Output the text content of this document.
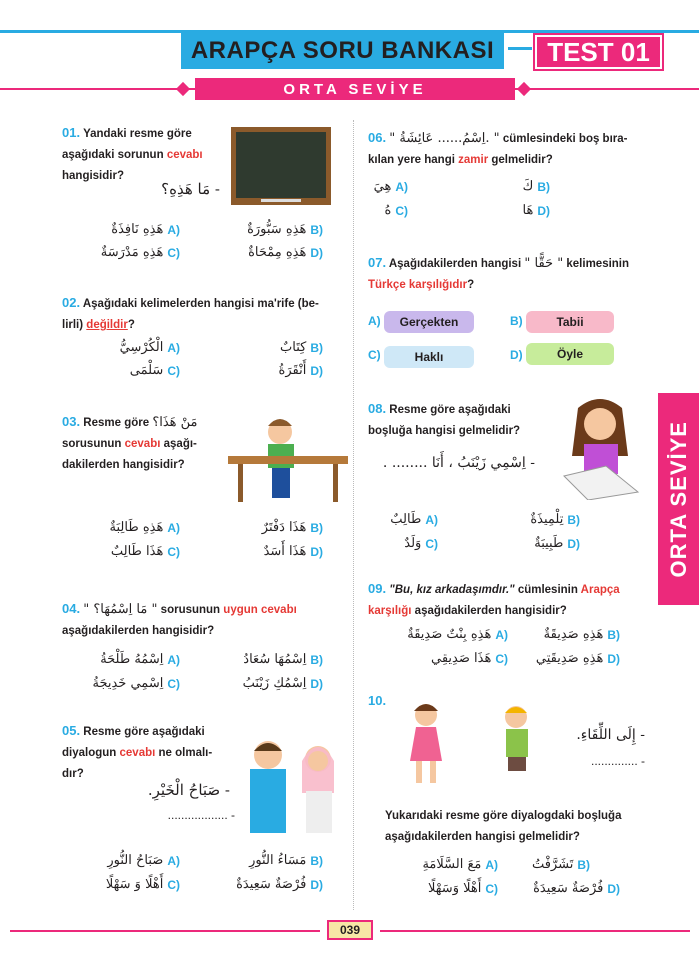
ARAPÇA SORU BANKASI TEST 01
ORTA SEVİYE
ORTA SEVİYE
01. Yandaki resme göre
aşağıdaki sorunun cevabı
hangisidir?
- مَا هَذِهِ؟
A)
هَذِهِ نَافِذَةٌ	B)
هَذِهِ سَبُّورَةٌ
C)
هَذِهِ مَدْرَسَةٌ	D)
هَذِهِ مِمْحَاةٌ
02. Aşağıdaki kelimelerden hangisi ma'rife (be-
lirli) değildir?
A)
الْكُرْسِيُّ	B)
كِتَابٌ
C)
سَلْمَى	D)
أَنْقَرَةُ
03. Resme göre مَنْ هَذَا؟
sorusunun cevabı aşağı-
dakilerden hangisidir?
A)
هَذِهِ طَالِبَةٌ	B)
هَذَا دَفْتَرٌ
C)
هَذَا طَالِبٌ	D)
هَذَا أَسَدٌ
04. " مَا اِسْمُهَا؟ " sorusunun uygun cevabı
aşağıdakilerden hangisidir?
A)
اِسْمُهُ طَلْحَةُ	B)
اِسْمُهَا سُعَادُ
C)
اِسْمِي خَدِيجَةُ	D)
اِسْمُكِ زَيْنَبُ
05. Resme göre aşağıdaki
diyalogun cevabı ne olmalı-
dır?
- صَبَاحُ الْخَيْرِ.
- ..................
A)
صَبَاحُ النُّورِ	B)
مَسَاءُ النُّورِ
C)
أَهْلًا وَ سَهْلًا	D)
فُرْصَةٌ سَعِيدَةٌ
06. " اِسْمُ...... عَائِشَةُ. " cümlesindeki boş bıra-
kılan yere hangi zamir gelmelidir?
A)
هِيَ	B)
كَ
C)
هُ	D)
هَا
07. Aşağıdakilerden hangisi " حَقًّا " kelimesinin
Türkçe karşılığıdır?
A) Gerçekten	B)	Tabii
C)	Haklı	D)	Öyle
08. Resme göre aşağıdaki
boşluğa hangisi gelmelidir?
- اِسْمِي زَيْنَبُ ، أَنَا ........ .
A)
طَالِبٌ	B)
تِلْمِيذَةٌ
C)
وَلَدٌ	D)
طَبِيبَةٌ
09. "Bu, kız arkadaşımdır." cümlesinin Arapça
karşılığı aşağıdakilerden hangisidir?
A)
هَذِهِ بِنْتٌ صَدِيقَةٌ	B)
هَذِهِ صَدِيقَةٌ
C)
هَذَا صَدِيقِي	D)
هَذِهِ صَدِيقَتِي
10.
- إِلَى اللِّقَاءِ.
- ..............
Yukarıdaki resme göre diyalogdaki boşluğa
aşağıdakilerden hangisi gelmelidir?
A)
مَعَ السَّلَامَةِ	B)
تَشَرَّفْتُ
C)
أَهْلًا وَسَهْلًا	D)
فُرْصَةٌ سَعِيدَةٌ
039
